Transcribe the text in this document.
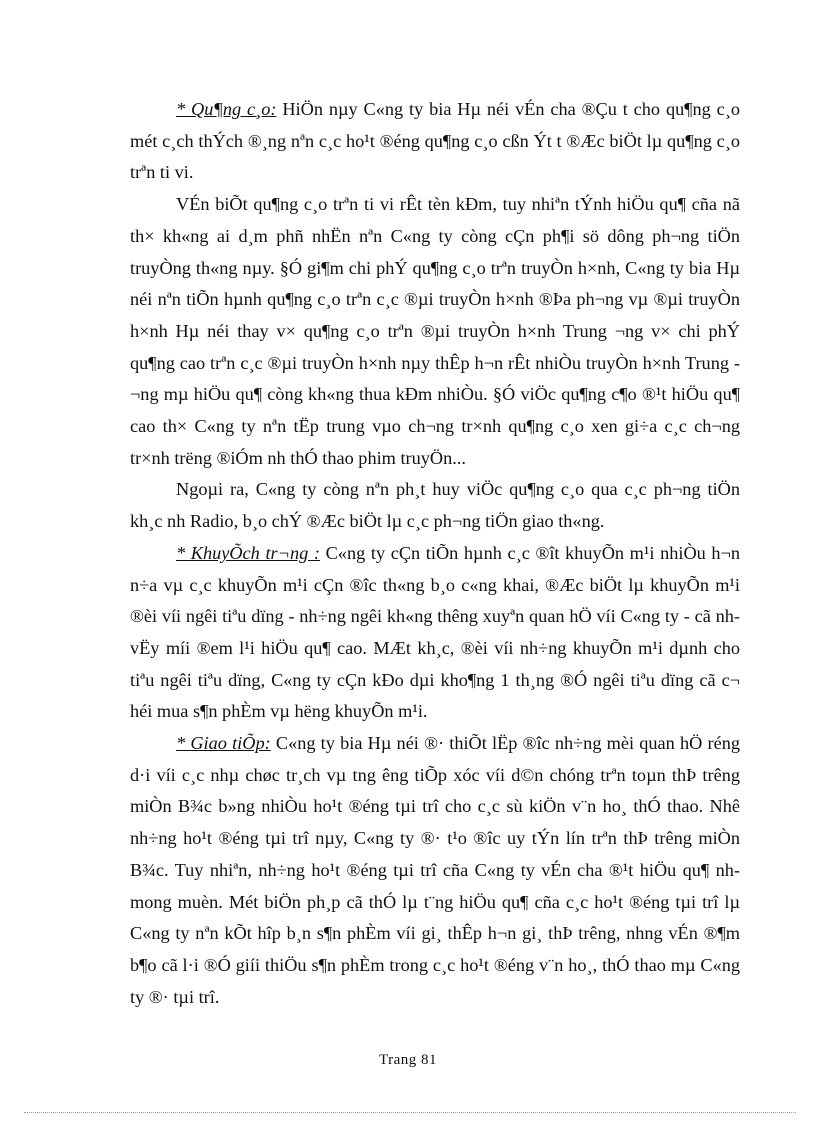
* Qu¶ng c¸o: HiÖn nµy C«ng ty bia Hµ néi vÉn cha ®Çu t cho qu¶ng c¸o mét c¸ch thÝch ®¸ng nªn c¸c ho¹t ®éng qu¶ng c¸o cßn Ýt t ®Æc biÖt lµ qu¶ng c¸o trªn ti vi.

VÉn biÕt qu¶ng c¸o trªn ti vi rÊt tèn kÐm, tuy nhiªn tÝnh hiÖu qu¶ cña nã th× kh«ng ai d¸m phñ nhËn nªn C«ng ty còng cÇn ph¶i sö dông ph¬ng tiÖn truyÒng th«ng nµy. §Ó gi¶m chi phÝ qu¶ng c¸o trªn truyÒn h×nh, C«ng ty bia Hµ néi nªn tiÕn hµnh qu¶ng c¸o trªn c¸c ®µi truyÒn h×nh ®Þa ph¬ng vµ ®µi truyÒn h×nh Hµ néi thay v× qu¶ng c¸o trªn ®µi truyÒn h×nh Trung ¬ng v× chi phÝ qu¶ng cao trªn c¸c ®µi truyÒn h×nh nµy thÊp h¬n rÊt nhiÒu truyÒn h×nh Trung ¬ng mµ hiÖu qu¶ còng kh«ng thua kÐm nhiÒu. §Ó viÖc qu¶ng c¶o ®¹t hiÖu qu¶ cao th× C«ng ty nªn tËp trung vµo ch¬ng tr×nh qu¶ng c¸o xen gi÷a c¸c ch¬ng tr×nh trëng ®iÓm nh thÓ thao phim truyÖn...

Ngoµi ra, C«ng ty còng nªn ph¸t huy viÖc qu¶ng c¸o qua c¸c ph¬ng tiÖn kh¸c nh Radio, b¸o chÝ ®Æc biÖt lµ c¸c ph¬ng tiÖn giao th«ng.

* KhuyÕch tr¬ng : C«ng ty cÇn tiÕn hµnh c¸c ®ît khuyÕn m¹i nhiÒu h¬n n÷a vµ c¸c khuyÕn m¹i cÇn ®îc th«ng b¸o c«ng khai, ®Æc biÖt lµ khuyÕn m¹i ®èi víi ngêi tiªu dïng - nh÷ng ngêi kh«ng thêng xuyªn quan hÖ víi C«ng ty - cã nh vËy míi ®em l¹i hiÖu qu¶ cao. MÆt kh¸c, ®èi víi nh÷ng khuyÕn m¹i dµnh cho tiªu ngêi tiªu dïng, C«ng ty cÇn kÐo dµi kho¶ng 1 th¸ng ®Ó ngêi tiªu dïng cã c¬ héi mua s¶n phÈm vµ hëng khuyÕn m¹i.

* Giao tiÕp: C«ng ty bia Hµ néi ®· thiÕt lËp ®îc nh÷ng mèi quan hÖ réng d·i víi c¸c nhµ chøc tr¸ch vµ tng êng tiÕp xóc víi d©n chóng trªn toµn thÞ trêng miÒn B¾c b»ng nhiÒu ho¹t ®éng tµi trî cho c¸c sù kiÖn v¨n ho¸ thÓ thao. Nhê nh÷ng ho¹t ®éng tµi trî nµy, C«ng ty ®· t¹o ®îc uy tÝn lín trªn thÞ trêng miÒn B¾c. Tuy nhiªn, nh÷ng ho¹t ®éng tµi trî cña C«ng ty vÉn cha ®¹t hiÖu qu¶ nh mong muèn. Mét biÖn ph¸p cã thÓ lµ t¨ng hiÖu qu¶ cña c¸c ho¹t ®éng tµi trî lµ C«ng ty nªn kÕt hîp b¸n s¶n phÈm víi gi¸ thÊp h¬n gi¸ thÞ trêng, nhng vÉn ®¶m b¶o cã l·i ®Ó giíi thiÖu s¶n phÈm trong c¸c ho¹t ®éng v¨n ho¸, thÓ thao mµ C«ng ty ®· tµi trî.

Trang 81
